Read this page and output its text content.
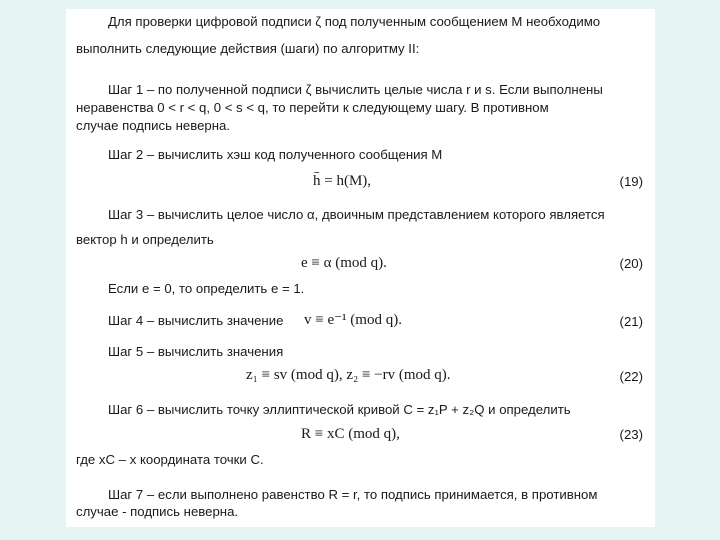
Для проверки цифровой подписи ζ под полученным сообщением M необходимо
выполнить следующие действия (шаги) по алгоритму II:
Шаг 1 – по полученной подписи ζ вычислить целые числа r и s. Если выполнены
неравенства 0 < r < q, 0 < s < q, то перейти к следующему шагу. В противном
случае подпись неверна.
Шаг 2 – вычислить хэш код полученного сообщения M
h̄ = h(M),	(19)
Шаг 3 – вычислить целое число α, двоичным представлением которого является
вектор h и определить
e ≡ α (mod q).	(20)
Если e = 0, то определить e = 1.
Шаг 4 – вычислить значение v ≡ e⁻¹ (mod q).	(21)
Шаг 5 – вычислить значения
z₁ ≡ sv (mod q), z₂ ≡ −rv (mod q).	(22)
Шаг 6 – вычислить точку эллиптической кривой C = z₁P + z₂Q и определить
R ≡ xC (mod q),	(23)
где xC – x координата точки C.
Шаг 7 – если выполнено равенство R = r, то подпись принимается, в противном
случае - подпись неверна.
